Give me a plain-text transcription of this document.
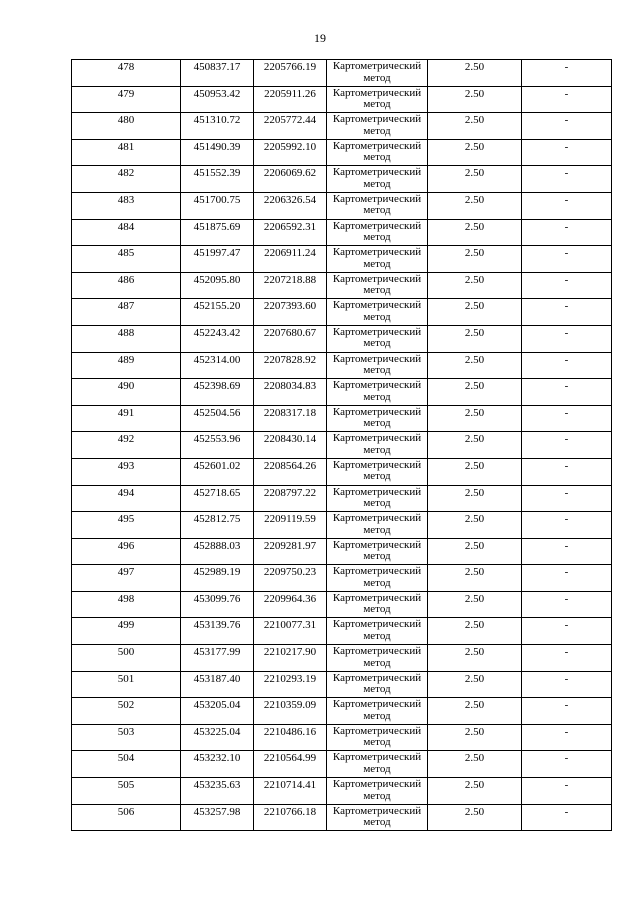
19
478	450837.17	2205766.19	Картометрический метод	2.50	-

479	450953.42	2205911.26	Картометрический метод	2.50	-

480	451310.72	2205772.44	Картометрический метод	2.50	-

481	451490.39	2205992.10	Картометрический метод	2.50	-

482	451552.39	2206069.62	Картометрический метод	2.50	-

483	451700.75	2206326.54	Картометрический метод	2.50	-

484	451875.69	2206592.31	Картометрический метод	2.50	-

485	451997.47	2206911.24	Картометрический метод	2.50	-

486	452095.80	2207218.88	Картометрический метод	2.50	-

487	452155.20	2207393.60	Картометрический метод	2.50	-

488	452243.42	2207680.67	Картометрический метод	2.50	-

489	452314.00	2207828.92	Картометрический метод	2.50	-

490	452398.69	2208034.83	Картометрический метод	2.50	-

491	452504.56	2208317.18	Картометрический метод	2.50	-

492	452553.96	2208430.14	Картометрический метод	2.50	-

493	452601.02	2208564.26	Картометрический метод	2.50	-

494	452718.65	2208797.22	Картометрический метод	2.50	-

495	452812.75	2209119.59	Картометрический метод	2.50	-

496	452888.03	2209281.97	Картометрический метод	2.50	-

497	452989.19	2209750.23	Картометрический метод	2.50	-

498	453099.76	2209964.36	Картометрический метод	2.50	-

499	453139.76	2210077.31	Картометрический метод	2.50	-

500	453177.99	2210217.90	Картометрический метод	2.50	-

501	453187.40	2210293.19	Картометрический метод	2.50	-

502	453205.04	2210359.09	Картометрический метод	2.50	-

503	453225.04	2210486.16	Картометрический метод	2.50	-

504	453232.10	2210564.99	Картометрический метод	2.50	-

505	453235.63	2210714.41	Картометрический метод	2.50	-

506	453257.98	2210766.18	Картометрический метод	2.50	-
